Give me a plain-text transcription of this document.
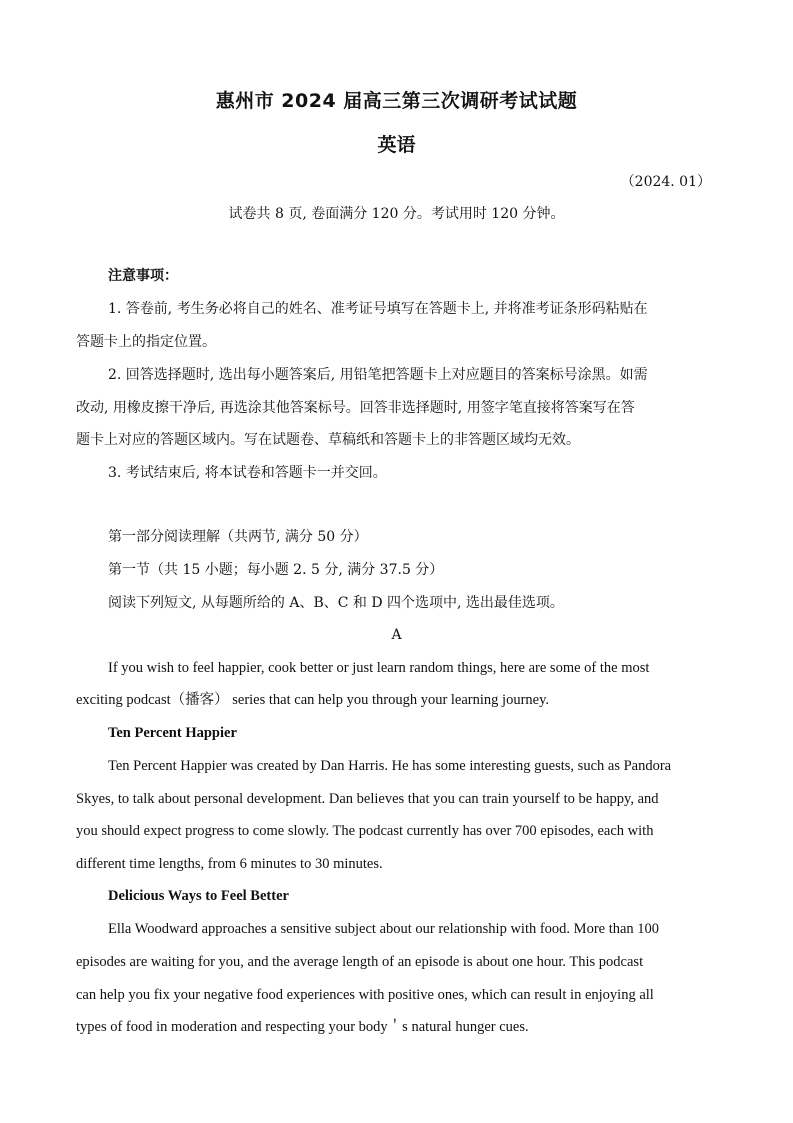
惠州市 2024 届高三第三次调研考试试题
英语
（2024. 01）
试卷共 8 页, 卷面满分 120 分。考试用时 120 分钟。
注意事项：
1. 答卷前, 考生务必将自己的姓名、准考证号填写在答题卡上, 并将准考证条形码粘贴在
答题卡上的指定位置。
2. 回答选择题时, 选出每小题答案后, 用铅笔把答题卡上对应题目的答案标号涂黑。如需
改动, 用橡皮擦干净后, 再选涂其他答案标号。回答非选择题时, 用签字笔直接将答案写在答
题卡上对应的答题区域内。写在试题卷、草稿纸和答题卡上的非答题区域均无效。
3. 考试结束后, 将本试卷和答题卡一并交回。
第一部分阅读理解（共两节, 满分 50 分）
第一节（共 15 小题；每小题 2. 5 分, 满分 37.5 分）
阅读下列短文, 从每题所给的 A、B、C 和 D 四个选项中, 选出最佳选项。
A
If you wish to feel happier, cook better or just learn random things, here are some of the most
exciting podcast（播客） series that can help you through your learning journey.
Ten Percent Happier
Ten Percent Happier was created by Dan Harris. He has some interesting guests, such as Pandora
Skyes, to talk about personal development. Dan believes that you can train yourself to be happy, and
you should expect progress to come slowly. The podcast currently has over 700 episodes, each with
different time lengths, from 6 minutes to 30 minutes.
Delicious Ways to Feel Better
Ella Woodward approaches a sensitive subject about our relationship with food. More than 100
episodes are waiting for you, and the average length of an episode is about one hour. This podcast
can help you fix your negative food experiences with positive ones, which can result in enjoying all
types of food in moderation and respecting your body＇s natural hunger cues.
